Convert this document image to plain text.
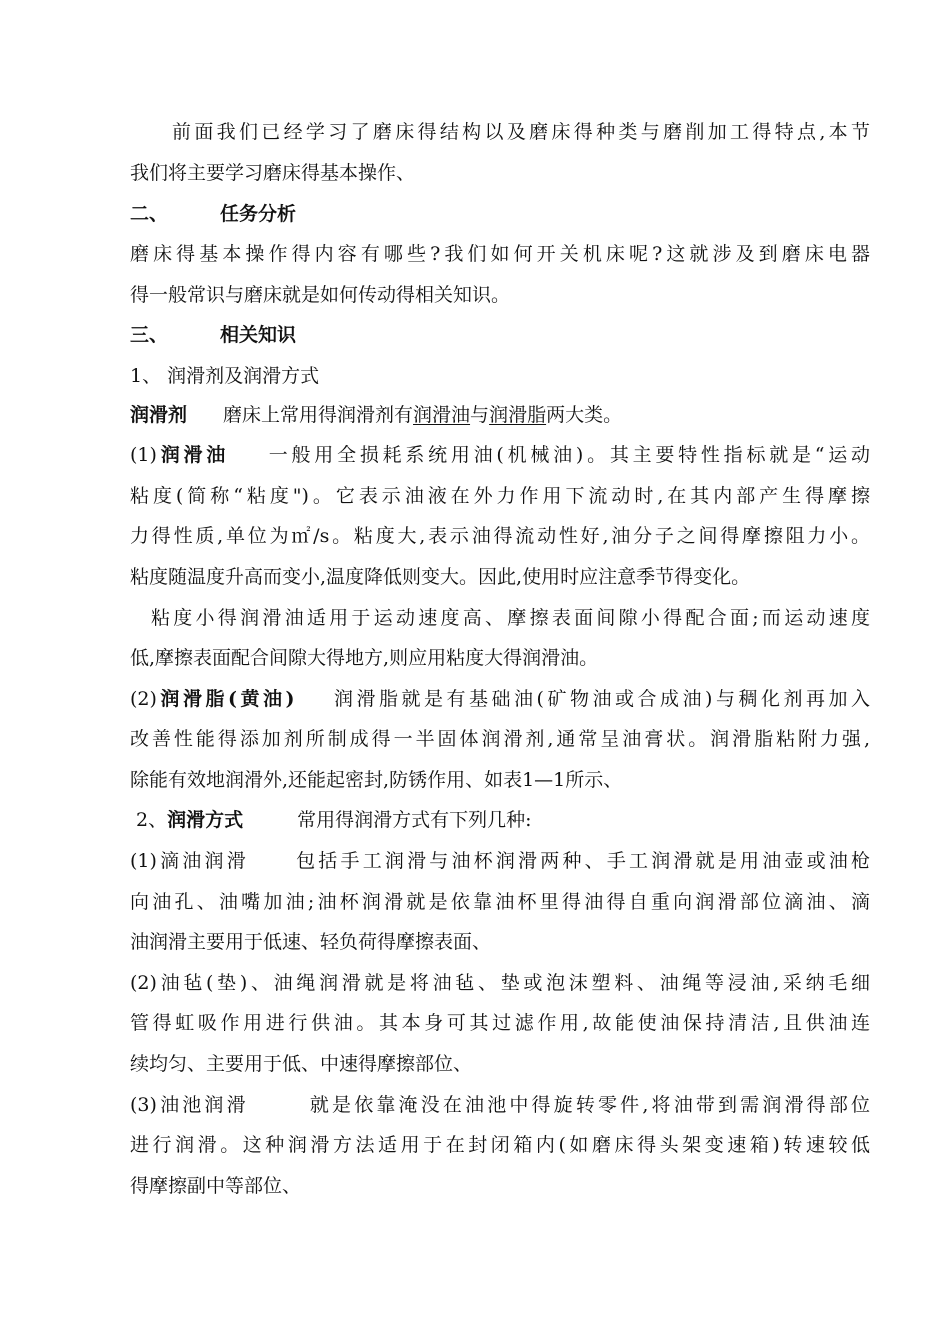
前面我们已经学习了磨床得结构以及磨床得种类与磨削加工得特点,本节
我们将主要学习磨床得基本操作、
二、	任务分析
磨床得基本操作得内容有哪些?我们如何开关机床呢?这就涉及到磨床电器
得一般常识与磨床就是如何传动得相关知识。
三、	相关知识
1、 润滑剂及润滑方式
润滑剂 磨床上常用得润滑剂有润滑油与润滑脂两大类。
(1)润滑油 一般用全损耗系统用油(机械油)。其主要特性指标就是“运动
粘度(简称“粘度")。它表示油液在外力作用下流动时,在其内部产生得摩擦
力得性质,单位为㎡/s。粘度大,表示油得流动性好,油分子之间得摩擦阻力小。
粘度随温度升高而变小,温度降低则变大。因此,使用时应注意季节得变化。
粘度小得润滑油适用于运动速度高、摩擦表面间隙小得配合面;而运动速度
低,摩擦表面配合间隙大得地方,则应用粘度大得润滑油。
(2)润滑脂(黄油) 润滑脂就是有基础油(矿物油或合成油)与稠化剂再加入
改善性能得添加剂所制成得一半固体润滑剂,通常呈油膏状。润滑脂粘附力强,
除能有效地润滑外,还能起密封,防锈作用、如表1—1所示、
2、润滑方式	常用得润滑方式有下列几种:
(1)滴油润滑 包括手工润滑与油杯润滑两种、手工润滑就是用油壶或油枪
向油孔、油嘴加油;油杯润滑就是依靠油杯里得油得自重向润滑部位滴油、滴
油润滑主要用于低速、轻负荷得摩擦表面、
(2)油毡(垫)、油绳润滑就是将油毡、垫或泡沫塑料、油绳等浸油,采纳毛细
管得虹吸作用进行供油。其本身可其过滤作用,故能使油保持清洁,且供油连
续均匀、主要用于低、中速得摩擦部位、
(3)油池润滑	就是依靠淹没在油池中得旋转零件,将油带到需润滑得部位
进行润滑。这种润滑方法适用于在封闭箱内(如磨床得头架变速箱)转速较低
得摩擦副中等部位、
